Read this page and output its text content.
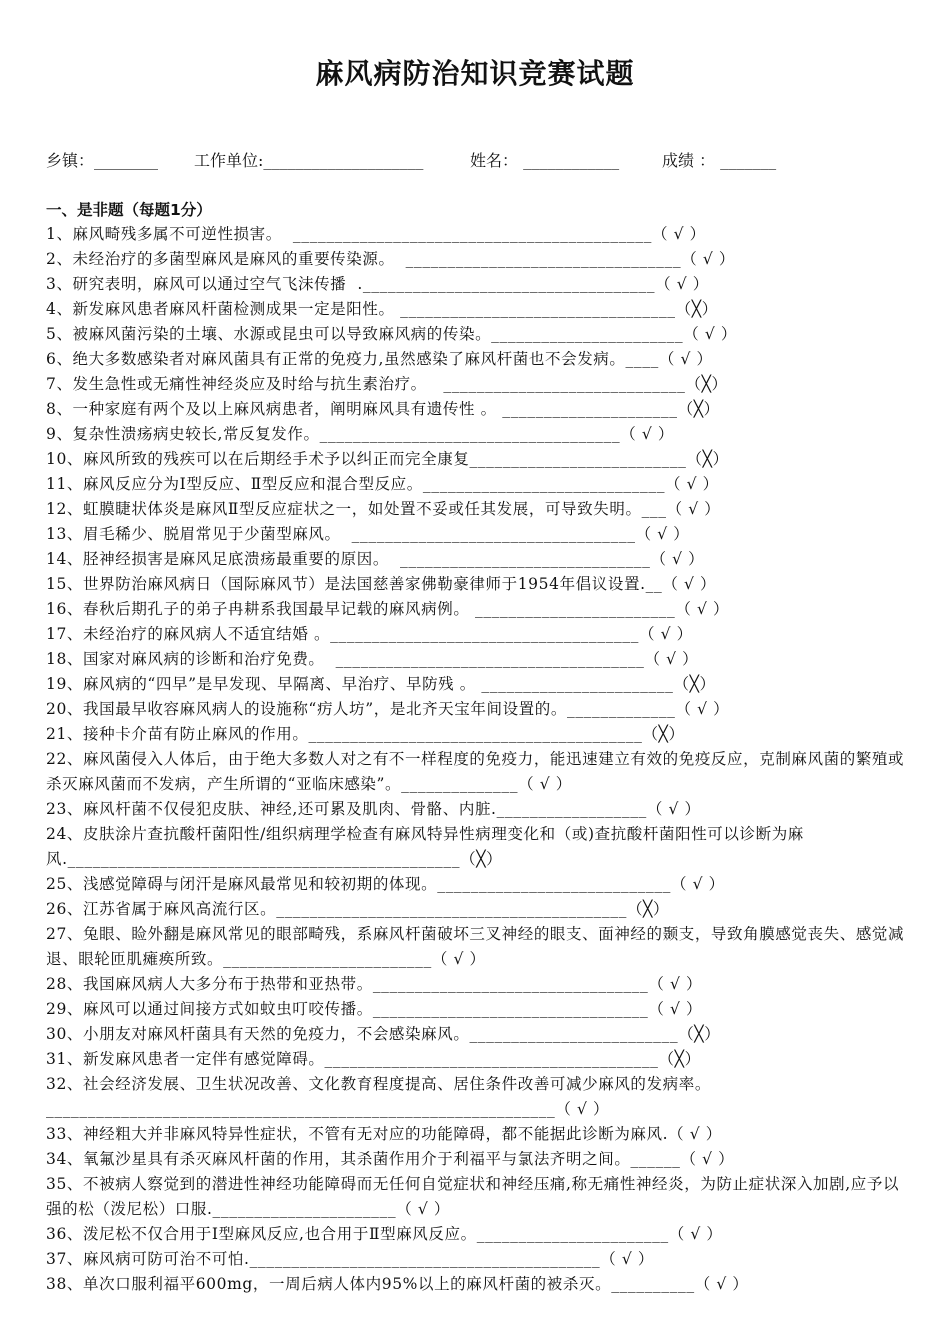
麻风病防治知识竞赛试题
乡镇：________ 工作单位:____________________	姓名： ____________	成绩 ： _______
一、是非题（每题1分）
1、麻风畸残多属不可逆性损害。  ___________________________________________（ √ ）
2、未经治疗的多菌型麻风是麻风的重要传染源。  _________________________________（ √ ）
3、研究表明，麻风可以通过空气飞沫传播  .___________________________________（ √ ）
4、新发麻风患者麻风杆菌检测成果一定是阳性。 _________________________________（╳）
5、被麻风菌污染的土壤、水源或昆虫可以导致麻风病的传染。_______________________（ √ ）
6、绝大多数感染者对麻风菌具有正常的免疫力,虽然感染了麻风杆菌也不会发病。____（ √ ）
7、发生急性或无痛性神经炎应及时给与抗生素治疗。   _____________________________（╳）
8、一种家庭有两个及以上麻风病患者，阐明麻风具有遗传性 。 _____________________（╳）
9、复杂性溃疡病史较长,常反复发作。____________________________________（ √ ）
10、麻风所致的残疾可以在后期经手术予以纠正而完全康复__________________________（╳）
11、麻风反应分为Ⅰ型反应、Ⅱ型反应和混合型反应。_____________________________（ √ ）
12、虹膜睫状体炎是麻风Ⅱ型反应症状之一，如处置不妥或任其发展，可导致失明。___（ √ ）
13、眉毛稀少、脱眉常见于少菌型麻风。  __________________________________（ √ ）
14、胫神经损害是麻风足底溃疡最重要的原因。  ______________________________（ √ ）
15、世界防治麻风病日（国际麻风节）是法国慈善家佛勒豪律师于1954年倡议设置.__（ √ ）
16、春秋后期孔子的弟子冉耕系我国最早记载的麻风病例。 ________________________（ √ ）
17、未经治疗的麻风病人不适宜结婚 。_____________________________________（ √ ）
18、国家对麻风病的诊断和治疗免费。  _____________________________________（ √ ）
19、麻风病的“四早”是早发现、早隔离、早治疗、早防残 。 _______________________（╳）
20、我国最早收容麻风病人的设施称“疠人坊”，是北齐天宝年间设置的。_____________（ √ ）
21、接种卡介苗有防止麻风的作用。________________________________________（╳）
22、麻风菌侵入人体后，由于绝大多数人对之有不一样程度的免疫力，能迅速建立有效的免疫反应，克制麻风菌的繁殖或杀灭麻风菌而不发病，产生所谓的“亚临床感染”。______________（ √ ）
23、麻风杆菌不仅侵犯皮肤、神经,还可累及肌肉、骨骼、内脏.__________________（ √ ）
24、皮肤涂片查抗酸杆菌阳性/组织病理学检查有麻风特异性病理变化和（或)查抗酸杆菌阳性可以诊断为麻风._______________________________________________（╳）
25、浅感觉障碍与闭汗是麻风最常见和较初期的体现。____________________________（ √ ）
26、江苏省属于麻风高流行区。__________________________________________（╳）
27、兔眼、睑外翻是麻风常见的眼部畸残，系麻风杆菌破坏三叉神经的眼支、面神经的颞支，导致角膜感觉丧失、感觉减退、眼轮匝肌瘫痪所致。_________________________（ √ ）
28、我国麻风病人大多分布于热带和亚热带。_________________________________（ √ ）
29、麻风可以通过间接方式如蚊虫叮咬传播。_________________________________（ √ ）
30、小朋友对麻风杆菌具有天然的免疫力，不会感染麻风。_________________________（╳）
31、新发麻风患者一定伴有感觉障碍。________________________________________（╳）
32、社会经济发展、卫生状况改善、文化教育程度提高、居住条件改善可减少麻风的发病率。_____________________________________________________________（ √ ）
33、神经粗大并非麻风特异性症状，不管有无对应的功能障碍，都不能据此诊断为麻风.（ √ ）
34、氧氟沙星具有杀灭麻风杆菌的作用，其杀菌作用介于利福平与氯法齐明之间。______（ √ ）
35、不被病人察觉到的潜进性神经功能障碍而无任何自觉症状和神经压痛,称无痛性神经炎，为防止症状深入加剧,应予以强的松（泼尼松）口服.______________________（ √ ）
36、泼尼松不仅合用于Ⅰ型麻风反应,也合用于Ⅱ型麻风反应。_______________________（ √ ）
37、麻风病可防可治不可怕.__________________________________________（ √ ）
38、单次口服利福平600mg，一周后病人体内95%以上的麻风杆菌的被杀灭。__________（ √ ）
